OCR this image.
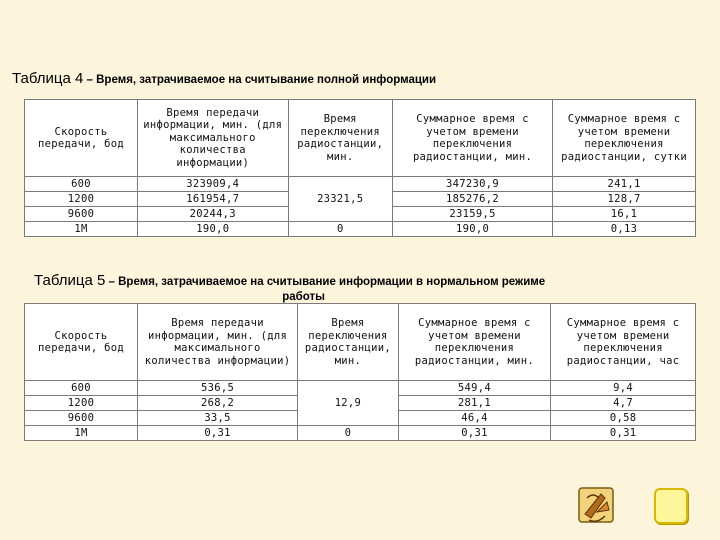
Таблица 4 – Время, затрачиваемое на считывание полной информации
Скорость передачи, бод	Время передачи информации, мин. (для максимального количества информации)	Время переключения радиостанции, мин.	Суммарное время с учетом времени переключения радиостанции, мин.	Суммарное время с учетом времени переключения радиостанции, сутки
600	323909,4	23321,5	347230,9	241,1
1200	161954,7		185276,2	128,7
9600	20244,3		23159,5	16,1
1М	190,0	0	190,0	0,13
Таблица 5 – Время, затрачиваемое на считывание информации в нормальном режиме
работы
Скорость передачи, бод	Время передачи информации, мин. (для максимального количества информации)	Время переключения радиостанции, мин.	Суммарное время с учетом времени переключения радиостанции, мин.	Суммарное время с учетом времени переключения радиостанции, час
600	536,5	12,9	549,4	9,4
1200	268,2		281,1	4,7
9600	33,5		46,4	0,58
1М	0,31	0	0,31	0,31
